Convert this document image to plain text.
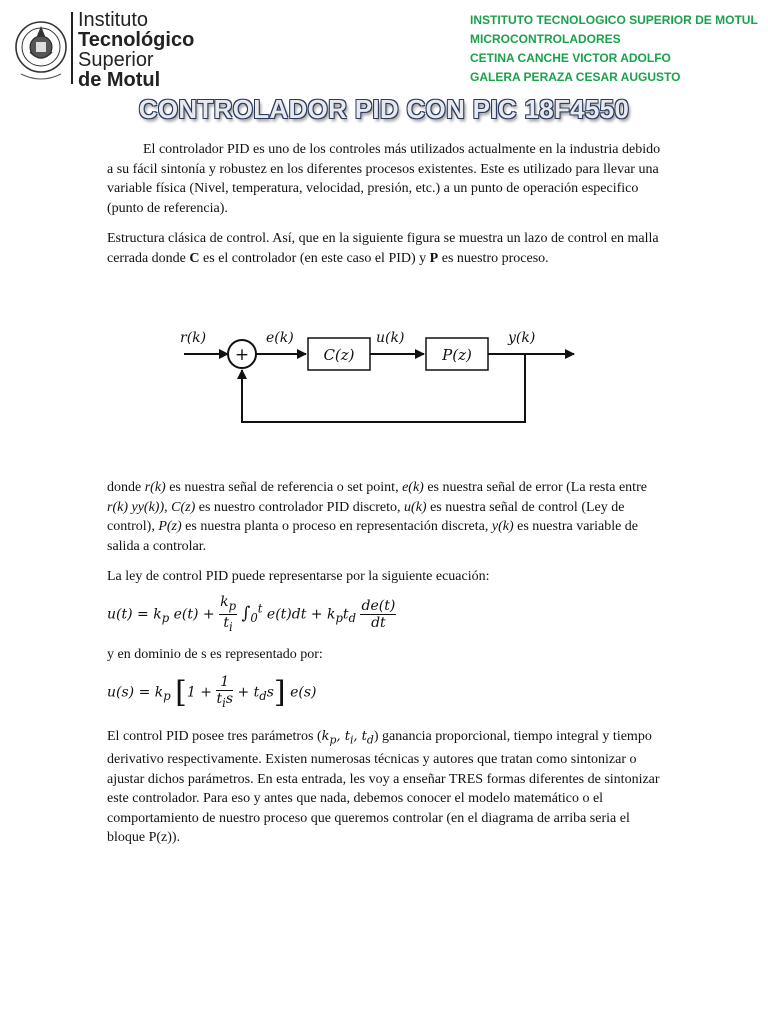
Instituto
Tecnológico
Superior
de Motul
INSTITUTO TECNOLOGICO SUPERIOR DE MOTUL
MICROCONTROLADORES
CETINA CANCHE VICTOR ADOLFO
GALERA PERAZA CESAR AUGUSTO
CONTROLADOR PID CON PIC 18F4550

El controlador PID es uno de los controles más utilizados actualmente en la industria debido a su fácil sintonía y robustez en los diferentes procesos existentes. Este es utilizado para llevar una variable física (Nivel, temperatura, velocidad, presión, etc.) a un punto de operación especifico (punto de referencia).

Estructura clásica de control. Así, que en la siguiente figura se muestra un lazo de control en malla cerrada donde C es el controlador (en este caso el PID) y P es nuestro proceso.

r(k)
+
e(k)
C(z)
u(k)
P(z)
y(k)

donde r(k) es nuestra señal de referencia o set point, e(k) es nuestra señal de error (La resta entre r(k) yy(k)), C(z) es nuestro controlador PID discreto, u(k) es nuestra señal de control (Ley de control), P(z) es nuestra planta o proceso en representación discreta, y(k) es nuestra variable de salida a controlar.

La ley de control PID puede representarse por la siguiente ecuación:

$u(t) = k_p$ $e(t) + \frac{k_p}{t_i} \int_0^t$ $e(t)dt + k_pt_d \frac{de(t)}{dt}$

y en dominio de s es representado por:

$u(s) = k_p$ $[1 + \frac{1}{t_is} + t_ds]$ e(s)

El control PID posee tres parámetros ($k_p$, $t_i$, $t_d$) ganancia proporcional, tiempo integral y tiempo derivativo respectivamente. Existen numerosas técnicas y autores que tratan como sintonizar o ajustar dichos parámetros. En esta entrada, les voy a enseñar TRES formas diferentes de sintonizar este controlador. Para eso y antes que nada, debemos conocer el modelo matemático o el comportamiento de nuestro proceso que queremos controlar (en el diagrama de arriba seria el bloque P(z)).
